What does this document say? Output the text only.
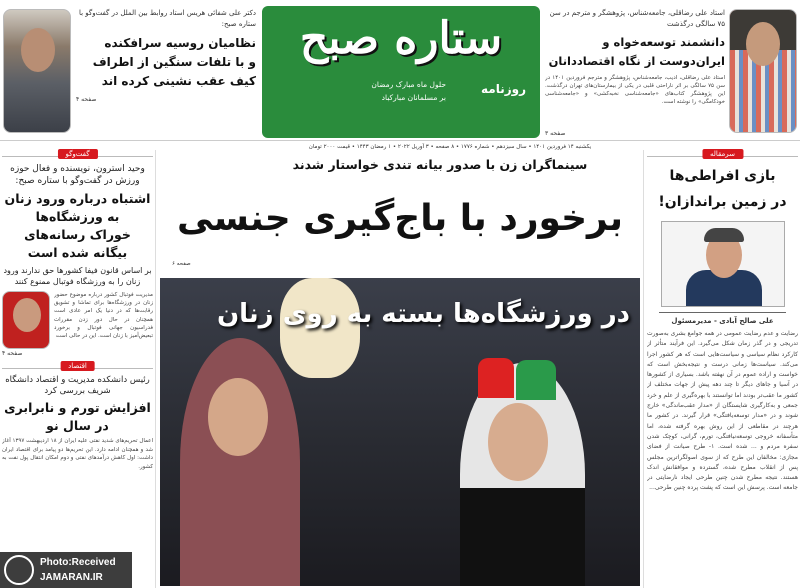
دکتر علی شفائی هریس استاد روابط بین الملل در گفت‌وگو با ستاره صبح:
نظامیان روسیه سرافکنده
و با تلفات سنگین از اطراف
کیف عقب نشینی کرده اند
صفحه ۴
ستاره صبح
روزنامه
حلول ماه مبارک رمضان
بر مسلمانان مبارکباد
یکشنبه ۱۴ فروردین ۱۴۰۱ • سال سیزدهم • شماره ۱۷۷۶ • ۸ صفحه • ۳ آوریل ۲۰۲۲ • ۱ رمضان ۱۴۴۳ • قیمت ۲۰۰۰ تومان
استاد علی رضاقلی، جامعه‌شناس، پژوهشگر و مترجم در سن ۷۵ سالگی درگذشت
دانشمند توسعه‌خواه و
ایران‌دوست از نگاه اقتصاددانان
استاد علی رضاقلی، ادیب، جامعه‌شناس، پژوهشگر و مترجم فروردین ۱۴۰۱ در سن ۷۵ سالگی بر اثر ناراحتی قلبی در یکی از بیمارستان‌های تهران درگذشت. این پژوهشگر کتاب‌های «جامعه‌شناسی نخبه‌کشی» و «جامعه‌شناسی خودکامگی» را نوشته است.
صفحه ۳
سینماگران زن با صدور بیانه تندی خواستار شدند
برخورد با باج‌گیری جنسی
صفحه ۶
در ورزشگاه‌ها بسته به روی زنان
گفت‌وگو
وحید استرون، نویسنده و فعال حوزه ورزش در گفت‌وگو با ستاره صبح:
اشتباه درباره ورود زنان
به ورزشگاه‌ها
خوراک رسانه‌های
بیگانه شده است
بر اساس قانون فیفا کشورها حق ندارند ورود زنان را به ورزشگاه فوتبال ممنوع کنند
مدیریت فوتبال کشور درباره موضوع حضور زنان در ورزشگاه‌ها برای تماشا و تشویق رقابت‌ها که در دنیا یک امر عادی است همچنان در حال دور زدن مقررات فدراسیون جهانی فوتبال و برخورد تبعیض‌آمیز با زنان است. این در حالی است
صفحه ۴
اقتصاد
رئیس دانشکده مدیریت و اقتصاد دانشگاه شریف بررسی کرد
افزایش تورم و نابرابری
در سال نو
اعمال تحریم‌های شدید نفتی علیه ایران از ۱۸ اردیبهشت ۱۳۹۷ آغاز شد و همچنان ادامه دارد. این تحریم‌ها دو پیامد برای اقتصاد ایران داشت: اول کاهش درآمدهای نفتی و دوم امکان انتقال پول نفت به کشور.
Photo:Received
JAMARAN.IR
سرمقاله
بازی افراطی‌ها
در زمین براندازان!
علی صالح آبادی - مدیرمسئول
رضایت و عدم رضایت عمومی در همه جوامع بشری به‌صورت تدریجی و در گذر زمان شکل می‌گیرد. این فرآیند متأثر از کارکرد نظام سیاسی و سیاست‌هایی است که هر کشور اجرا می‌کند. سیاست‌ها زمانی درست و نتیجه‌بخش است که خواست و اراده عموم در آن نهفته باشد. بسیاری از کشورها در آسیا و جاهای دیگر تا چند دهه پیش از جهات مختلف از کشور ما عقب‌تر بودند اما توانستند با بهره‌گیری از علم و خرد جمعی و به‌کارگیری شایستگان از «مدار عقب‌ماندگی» خارج شوند و در «مدار توسعه‌یافتگی» قرار گیرند. در کشور ما هرچند در مقاطعی از این روش بهره گرفته شده، اما متأسفانه خروجی توسعه‌نیافتگی، تورم، گرانی، کوچک شدن سفره مردم و ... شده است. ۱- طرح صیانت از فضای مجازی: مخالفان این طرح که از سوی اصولگراترین مجلس پس از انقلاب مطرح شده، گسترده و موافقانش اندک هستند. نتیجه مطرح شدن چنین طرحی ایجاد نارضایتی در جامعه است. پرسش این است که پشت پرده چنین طرحی...
